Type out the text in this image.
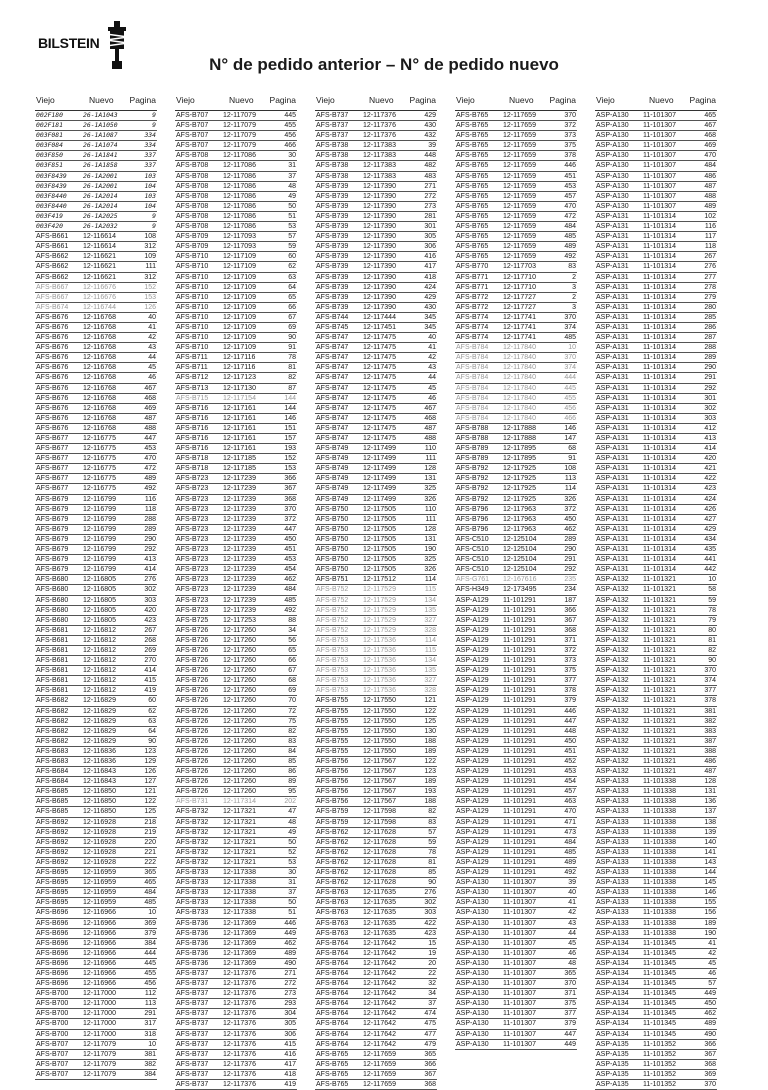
BILSTEIN
N° de pedido anterior – N° de pedido nuevo
Viejo	Nuevo Pagina
002F180	26-1A1043	9
002F181	26-1A1050	9
003F081	26-1A1087	334
003F084	26-1A1074	334
003F850	26-1A1841	337
003F851	26-1A1858	337
003F8439	26-1A2001	103
003F8439	26-1A2001	104
003F8440	26-1A2014	103
003F8440	26-1A2014	104
003F419	26-1A2025	9
003F420	26-1A2032	9
AFS-B661 12-116614	108
AFS-B661 12-116614	312
AFS-B662 12-116621	109
AFS-B662 12-116621	111
AFS-B662 12-116621	312
AFS-B667 12-116676	152
AFS-B667 12-116676	153
AFS-B674 12-116744	126
AFS-B676 12-116768	40
AFS-B676 12-116768	41
AFS-B676 12-116768	42
AFS-B676 12-116768	43
AFS-B676 12-116768	44
AFS-B676 12-116768	45
AFS-B676 12-116768	46
AFS-B676 12-116768	467
AFS-B676 12-116768	468
AFS-B676 12-116768	469
AFS-B676 12-116768	487
AFS-B676 12-116768	488
AFS-B677 12-116775	447
AFS-B677 12-116775	453
AFS-B677 12-116775	470
AFS-B677 12-116775	472
AFS-B677 12-116775	489
AFS-B677 12-116775	492
AFS-B679 12-116799	116
AFS-B679 12-116799	118
AFS-B679 12-116799	288
AFS-B679 12-116799	289
AFS-B679 12-116799	290
AFS-B679 12-116799	292
AFS-B679 12-116799	413
AFS-B679 12-116799	414
AFS-B680 12-116805	276
AFS-B680 12-116805	302
AFS-B680 12-116805	303
AFS-B680 12-116805	420
AFS-B680 12-116805	423
AFS-B681 12-116812	267
AFS-B681 12-116812	268
AFS-B681 12-116812	269
AFS-B681 12-116812	270
AFS-B681 12-116812	414
AFS-B681 12-116812	415
AFS-B681 12-116812	419
AFS-B682 12-116829	60
AFS-B682 12-116829	62
AFS-B682 12-116829	63
AFS-B682 12-116829	64
AFS-B682 12-116829	90
AFS-B683 12-116836	123
AFS-B683 12-116836	129
AFS-B684 12-116843	126
AFS-B684 12-116843	127
AFS-B685 12-116850	121
AFS-B685 12-116850	122
AFS-B685 12-116850	125
AFS-B692 12-116928	218
AFS-B692 12-116928	219
AFS-B692 12-116928	220
AFS-B692 12-116928	221
AFS-B692 12-116928	222
AFS-B695 12-116959	365
AFS-B695 12-116959	465
AFS-B695 12-116959	484
AFS-B695 12-116959	485
AFS-B696 12-116966	10
AFS-B696 12-116966	369
AFS-B696 12-116966	379
AFS-B696 12-116966	384
AFS-B696 12-116966	444
AFS-B696 12-116966	445
AFS-B696 12-116966	455
AFS-B696 12-116966	456
AFS-B700 12-117000	112
AFS-B700 12-117000	113
AFS-B700 12-117000	291
AFS-B700 12-117000	317
AFS-B700 12-117000	318
AFS-B707 12-117079	10
AFS-B707 12-117079	381
AFS-B707 12-117079	382
AFS-B707 12-117079	384
Viejo	Nuevo Pagina
AFS-B707 12-117079	445
AFS-B707 12-117079	455
AFS-B707 12-117079	456
AFS-B707 12-117079	466
AFS-B708 12-117086	30
AFS-B708 12-117086	31
AFS-B708 12-117086	37
AFS-B708 12-117086	48
AFS-B708 12-117086	49
AFS-B708 12-117086	50
AFS-B708 12-117086	51
AFS-B708 12-117086	53
AFS-B709 12-117093	57
AFS-B709 12-117093	59
AFS-B710 12-117109	60
AFS-B710 12-117109	62
AFS-B710 12-117109	63
AFS-B710 12-117109	64
AFS-B710 12-117109	65
AFS-B710 12-117109	66
AFS-B710 12-117109	67
AFS-B710 12-117109	69
AFS-B710 12-117109	90
AFS-B710 12-117109	91
AFS-B711 12-117116	78
AFS-B711 12-117116	81
AFS-B712 12-117123	82
AFS-B713 12-117130	87
AFS-B715 12-117154	144
AFS-B716 12-117161	144
AFS-B716 12-117161	146
AFS-B716 12-117161	151
AFS-B716 12-117161	157
AFS-B716 12-117161	193
AFS-B718 12-117185	152
AFS-B718 12-117185	153
AFS-B723 12-117239	366
AFS-B723 12-117239	367
AFS-B723 12-117239	368
AFS-B723 12-117239	370
AFS-B723 12-117239	372
AFS-B723 12-117239	447
AFS-B723 12-117239	450
AFS-B723 12-117239	451
AFS-B723 12-117239	453
AFS-B723 12-117239	454
AFS-B723 12-117239	462
AFS-B723 12-117239	484
AFS-B723 12-117239	485
AFS-B723 12-117239	492
AFS-B725 12-117253	88
AFS-B726 12-117260	34
AFS-B726 12-117260	56
AFS-B726 12-117260	65
AFS-B726 12-117260	66
AFS-B726 12-117260	67
AFS-B726 12-117260	68
AFS-B726 12-117260	69
AFS-B726 12-117260	70
AFS-B726 12-117260	72
AFS-B726 12-117260	75
AFS-B726 12-117260	82
AFS-B726 12-117260	83
AFS-B726 12-117260	84
AFS-B726 12-117260	85
AFS-B726 12-117260	86
AFS-B726 12-117260	89
AFS-B726 12-117260	95
AFS-B731 12-117314	202
AFS-B732 12-117321	47
AFS-B732 12-117321	48
AFS-B732 12-117321	49
AFS-B732 12-117321	50
AFS-B732 12-117321	52
AFS-B732 12-117321	53
AFS-B733 12-117338	30
AFS-B733 12-117338	31
AFS-B733 12-117338	37
AFS-B733 12-117338	50
AFS-B733 12-117338	51
AFS-B736 12-117369	446
AFS-B736 12-117369	449
AFS-B736 12-117369	462
AFS-B736 12-117369	489
AFS-B736 12-117369	490
AFS-B737 12-117376	271
AFS-B737 12-117376	272
AFS-B737 12-117376	273
AFS-B737 12-117376	293
AFS-B737 12-117376	304
AFS-B737 12-117376	305
AFS-B737 12-117376	306
AFS-B737 12-117376	415
AFS-B737 12-117376	416
AFS-B737 12-117376	417
AFS-B737 12-117376	418
AFS-B737 12-117376	419
Viejo	Nuevo Pagina
AFS-B737 12-117376	429
AFS-B737 12-117376	430
AFS-B737 12-117376	432
AFS-B738 12-117383	39
AFS-B738 12-117383	448
AFS-B738 12-117383	482
AFS-B738 12-117383	483
AFS-B739 12-117390	271
AFS-B739 12-117390	272
AFS-B739 12-117390	273
AFS-B739 12-117390	281
AFS-B739 12-117390	301
AFS-B739 12-117390	305
AFS-B739 12-117390	306
AFS-B739 12-117390	416
AFS-B739 12-117390	417
AFS-B739 12-117390	418
AFS-B739 12-117390	424
AFS-B739 12-117390	429
AFS-B739 12-117390	430
AFS-B744 12-117444	345
AFS-B745 12-117451	345
AFS-B747 12-117475	40
AFS-B747 12-117475	41
AFS-B747 12-117475	42
AFS-B747 12-117475	43
AFS-B747 12-117475	44
AFS-B747 12-117475	45
AFS-B747 12-117475	46
AFS-B747 12-117475	467
AFS-B747 12-117475	468
AFS-B747 12-117475	487
AFS-B747 12-117475	488
AFS-B749 12-117499	110
AFS-B749 12-117499	111
AFS-B749 12-117499	128
AFS-B749 12-117499	131
AFS-B749 12-117499	325
AFS-B749 12-117499	326
AFS-B750 12-117505	110
AFS-B750 12-117505	111
AFS-B750 12-117505	128
AFS-B750 12-117505	131
AFS-B750 12-117505	190
AFS-B750 12-117505	325
AFS-B750 12-117505	326
AFS-B751 12-117512	114
AFS-B752 12-117529	115
AFS-B752 12-117529	134
AFS-B752 12-117529	135
AFS-B752 12-117529	327
AFS-B752 12-117529	328
AFS-B753 12-117536	114
AFS-B753 12-117536	115
AFS-B753 12-117536	134
AFS-B753 12-117536	135
AFS-B753 12-117536	327
AFS-B753 12-117536	328
AFS-B755 12-117550	121
AFS-B755 12-117550	122
AFS-B755 12-117550	125
AFS-B755 12-117550	130
AFS-B755 12-117550	188
AFS-B755 12-117550	189
AFS-B756 12-117567	122
AFS-B756 12-117567	123
AFS-B756 12-117567	189
AFS-B756 12-117567	193
AFS-B756 12-117567	188
AFS-B759 12-117598	82
AFS-B759 12-117598	83
AFS-B762 12-117628	57
AFS-B762 12-117628	59
AFS-B762 12-117628	78
AFS-B762 12-117628	81
AFS-B762 12-117628	85
AFS-B762 12-117628	90
AFS-B763 12-117635	276
AFS-B763 12-117635	302
AFS-B763 12-117635	303
AFS-B763 12-117635	422
AFS-B763 12-117635	423
AFS-B764 12-117642	15
AFS-B764 12-117642	19
AFS-B764 12-117642	20
AFS-B764 12-117642	22
AFS-B764 12-117642	32
AFS-B764 12-117642	34
AFS-B764 12-117642	37
AFS-B764 12-117642	474
AFS-B764 12-117642	475
AFS-B764 12-117642	477
AFS-B764 12-117642	479
AFS-B765 12-117659	365
AFS-B765 12-117659	366
AFS-B765 12-117659	367
AFS-B765 12-117659	368
Viejo	Nuevo Pagina
AFS-B765 12-117659	370
AFS-B765 12-117659	372
AFS-B765 12-117659	373
AFS-B765 12-117659	375
AFS-B765 12-117659	378
AFS-B765 12-117659	446
AFS-B765 12-117659	451
AFS-B765 12-117659	453
AFS-B765 12-117659	457
AFS-B765 12-117659	470
AFS-B765 12-117659	472
AFS-B765 12-117659	484
AFS-B765 12-117659	485
AFS-B765 12-117659	489
AFS-B765 12-117659	492
AFS-B770 12-117703	83
AFS-B771 12-117710	2
AFS-B771 12-117710	3
AFS-B772 12-117727	2
AFS-B772 12-117727	3
AFS-B774 12-117741	370
AFS-B774 12-117741	374
AFS-B774 12-117741	485
AFS-B784 12-117840	10
AFS-B784 12-117840	370
AFS-B784 12-117840	374
AFS-B784 12-117840	444
AFS-B784 12-117840	445
AFS-B784 12-117840	455
AFS-B784 12-117840	456
AFS-B784 12-117840	466
AFS-B788 12-117888	146
AFS-B788 12-117888	147
AFS-B789 12-117895	68
AFS-B789 12-117895	91
AFS-B792 12-117925	108
AFS-B792 12-117925	113
AFS-B792 12-117925	114
AFS-B792 12-117925	326
AFS-B796 12-117963	372
AFS-B796 12-117963	450
AFS-B796 12-117963	462
AFS-C510 12-125104	289
AFS-C510 12-125104	290
AFS-C510 12-125104	291
AFS-C510 12-125104	292
AFS-G761 12-167616	235
AFS-H349 12-173495	234
ASP-A129 11-101291	187
ASP-A129 11-101291	366
ASP-A129 11-101291	367
ASP-A129 11-101291	368
ASP-A129 11-101291	371
ASP-A129 11-101291	372
ASP-A129 11-101291	373
ASP-A129 11-101291	375
ASP-A129 11-101291	377
ASP-A129 11-101291	378
ASP-A129 11-101291	379
ASP-A129 11-101291	446
ASP-A129 11-101291	447
ASP-A129 11-101291	448
ASP-A129 11-101291	450
ASP-A129 11-101291	451
ASP-A129 11-101291	452
ASP-A129 11-101291	453
ASP-A129 11-101291	454
ASP-A129 11-101291	457
ASP-A129 11-101291	463
ASP-A129 11-101291	470
ASP-A129 11-101291	471
ASP-A129 11-101291	473
ASP-A129 11-101291	484
ASP-A129 11-101291	485
ASP-A129 11-101291	489
ASP-A129 11-101291	492
ASP-A130 11-101307	39
ASP-A130 11-101307	40
ASP-A130 11-101307	41
ASP-A130 11-101307	42
ASP-A130 11-101307	43
ASP-A130 11-101307	44
ASP-A130 11-101307	45
ASP-A130 11-101307	46
ASP-A130 11-101307	48
ASP-A130 11-101307	365
ASP-A130 11-101307	370
ASP-A130 11-101307	371
ASP-A130 11-101307	375
ASP-A130 11-101307	377
ASP-A130 11-101307	379
ASP-A130 11-101307	447
ASP-A130 11-101307	449
Viejo	Nuevo Pagina
ASP-A130 11-101307	465
ASP-A130 11-101307	467
ASP-A130 11-101307	468
ASP-A130 11-101307	469
ASP-A130 11-101307	470
ASP-A130 11-101307	484
ASP-A130 11-101307	486
ASP-A130 11-101307	487
ASP-A130 11-101307	488
ASP-A130 11-101307	489
ASP-A131 11-101314	102
ASP-A131 11-101314	116
ASP-A131 11-101314	117
ASP-A131 11-101314	118
ASP-A131 11-101314	267
ASP-A131 11-101314	276
ASP-A131 11-101314	277
ASP-A131 11-101314	278
ASP-A131 11-101314	279
ASP-A131 11-101314	280
ASP-A131 11-101314	285
ASP-A131 11-101314	286
ASP-A131 11-101314	287
ASP-A131 11-101314	288
ASP-A131 11-101314	289
ASP-A131 11-101314	290
ASP-A131 11-101314	291
ASP-A131 11-101314	292
ASP-A131 11-101314	301
ASP-A131 11-101314	302
ASP-A131 11-101314	303
ASP-A131 11-101314	412
ASP-A131 11-101314	413
ASP-A131 11-101314	414
ASP-A131 11-101314	420
ASP-A131 11-101314	421
ASP-A131 11-101314	422
ASP-A131 11-101314	423
ASP-A131 11-101314	424
ASP-A131 11-101314	426
ASP-A131 11-101314	427
ASP-A131 11-101314	429
ASP-A131 11-101314	434
ASP-A131 11-101314	435
ASP-A131 11-101314	441
ASP-A131 11-101314	442
ASP-A132 11-101321	10
ASP-A132 11-101321	58
ASP-A132 11-101321	59
ASP-A132 11-101321	78
ASP-A132 11-101321	79
ASP-A132 11-101321	80
ASP-A132 11-101321	81
ASP-A132 11-101321	82
ASP-A132 11-101321	90
ASP-A132 11-101321	370
ASP-A132 11-101321	374
ASP-A132 11-101321	377
ASP-A132 11-101321	378
ASP-A132 11-101321	381
ASP-A132 11-101321	382
ASP-A132 11-101321	383
ASP-A132 11-101321	387
ASP-A132 11-101321	388
ASP-A132 11-101321	486
ASP-A132 11-101321	487
ASP-A133 11-101338	128
ASP-A133 11-101338	131
ASP-A133 11-101338	136
ASP-A133 11-101338	137
ASP-A133 11-101338	138
ASP-A133 11-101338	139
ASP-A133 11-101338	140
ASP-A133 11-101338	141
ASP-A133 11-101338	143
ASP-A133 11-101338	144
ASP-A133 11-101338	145
ASP-A133 11-101338	146
ASP-A133 11-101338	155
ASP-A133 11-101338	156
ASP-A133 11-101338	189
ASP-A133 11-101338	190
ASP-A134 11-101345	41
ASP-A134 11-101345	42
ASP-A134 11-101345	45
ASP-A134 11-101345	46
ASP-A134 11-101345	57
ASP-A134 11-101345	449
ASP-A134 11-101345	450
ASP-A134 11-101345	462
ASP-A134 11-101345	489
ASP-A134 11-101345	490
ASP-A135 11-101352	366
ASP-A135 11-101352	367
ASP-A135 11-101352	368
ASP-A135 11-101352	369
ASP-A135 11-101352	370
